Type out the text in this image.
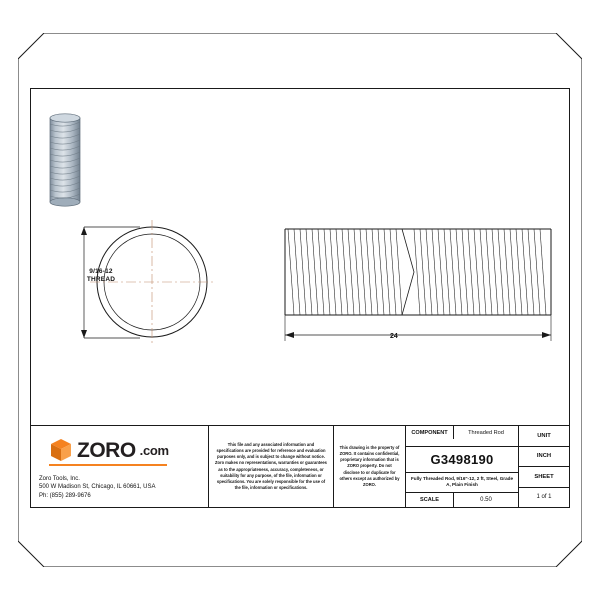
9/16-12
THREAD
24
ZORO .com
Zoro Tools, Inc.
500 W Madison St, Chicago, IL 60661, USA
Ph: (855) 289-9676
This file and any associated information and specifications are provided for reference and evaluation purposes only, and is subject to change without notice. Zoro makes no representations, warranties or guarantees as to the appropriateness, accuracy, completeness, or suitability for any purpose, of the file, information or specifications. You are solely responsible for the use of the file, information or specifications.
This drawing is the property of ZORO. It contains confidential, proprietary information that is ZORO property. Do not disclose to or duplicate for others except as authorized by ZORO.
COMPONENT	Threaded Rod
G3498190
Fully Threaded Rod, 9/16"-12, 2 ft, Steel, Grade A, Plain Finish
SCALE	0.50
UNIT
INCH
SHEET
1 of 1
